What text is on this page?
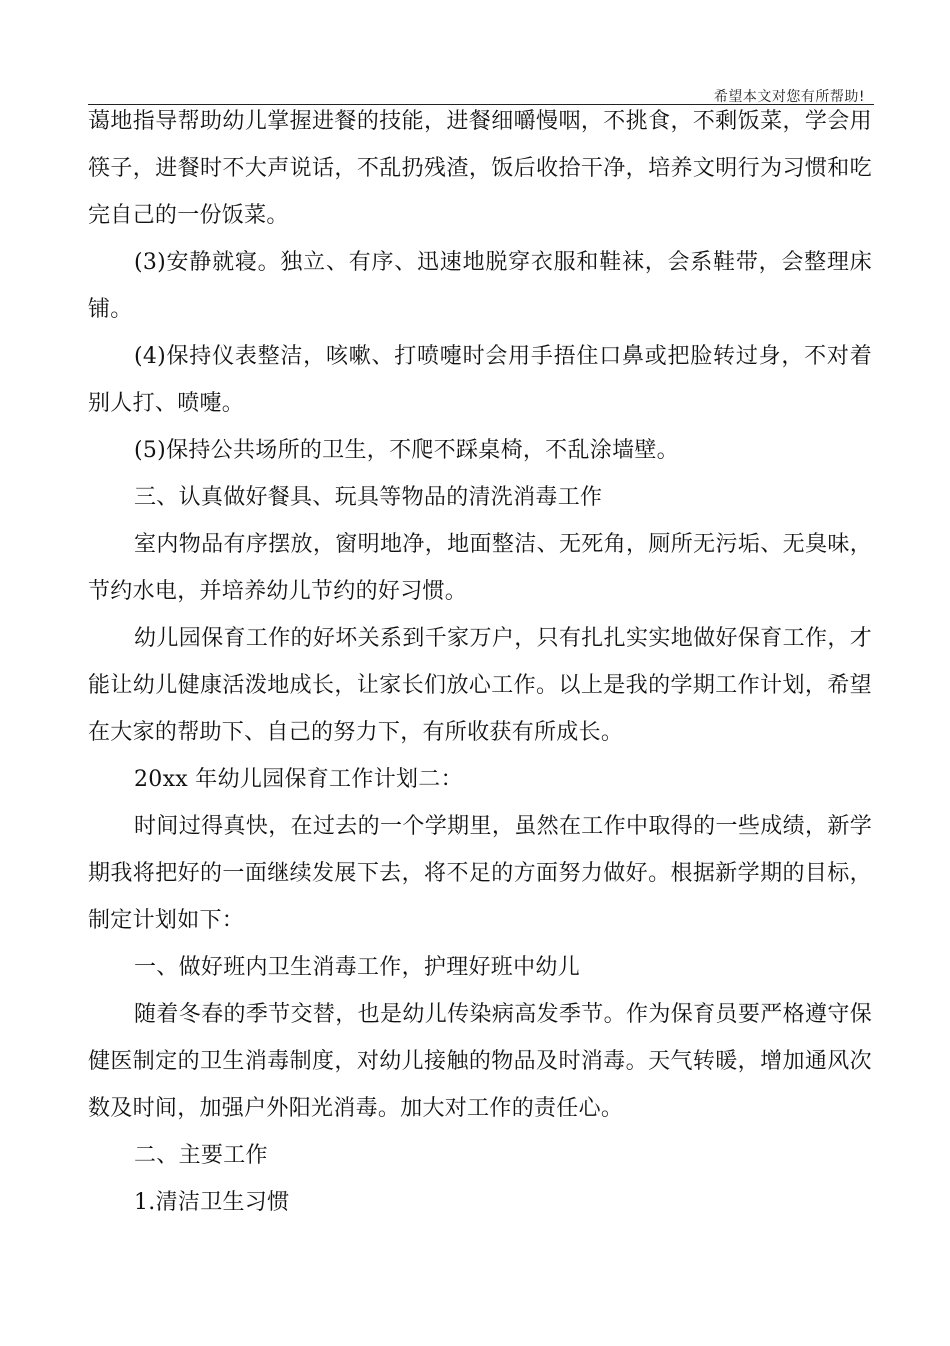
希望本文对您有所帮助!

蔼地指导帮助幼儿掌握进餐的技能，进餐细嚼慢咽，不挑食，不剩饭菜，学会用筷子，进餐时不大声说话，不乱扔残渣，饭后收拾干净，培养文明行为习惯和吃完自己的一份饭菜。

(3)安静就寝。独立、有序、迅速地脱穿衣服和鞋袜，会系鞋带，会整理床铺。

(4)保持仪表整洁，咳嗽、打喷嚏时会用手捂住口鼻或把脸转过身，不对着别人打、喷嚏。

(5)保持公共场所的卫生，不爬不踩桌椅，不乱涂墙壁。

三、认真做好餐具、玩具等物品的清洗消毒工作

室内物品有序摆放，窗明地净，地面整洁、无死角，厕所无污垢、无臭味，节约水电，并培养幼儿节约的好习惯。

幼儿园保育工作的好坏关系到千家万户，只有扎扎实实地做好保育工作，才能让幼儿健康活泼地成长，让家长们放心工作。以上是我的学期工作计划，希望在大家的帮助下、自己的努力下，有所收获有所成长。

20xx 年幼儿园保育工作计划二：

时间过得真快，在过去的一个学期里，虽然在工作中取得的一些成绩，新学期我将把好的一面继续发展下去，将不足的方面努力做好。根据新学期的目标，制定计划如下：

一、做好班内卫生消毒工作，护理好班中幼儿

随着冬春的季节交替，也是幼儿传染病高发季节。作为保育员要严格遵守保健医制定的卫生消毒制度，对幼儿接触的物品及时消毒。天气转暖，增加通风次数及时间，加强户外阳光消毒。加大对工作的责任心。

二、主要工作

1.清洁卫生习惯
